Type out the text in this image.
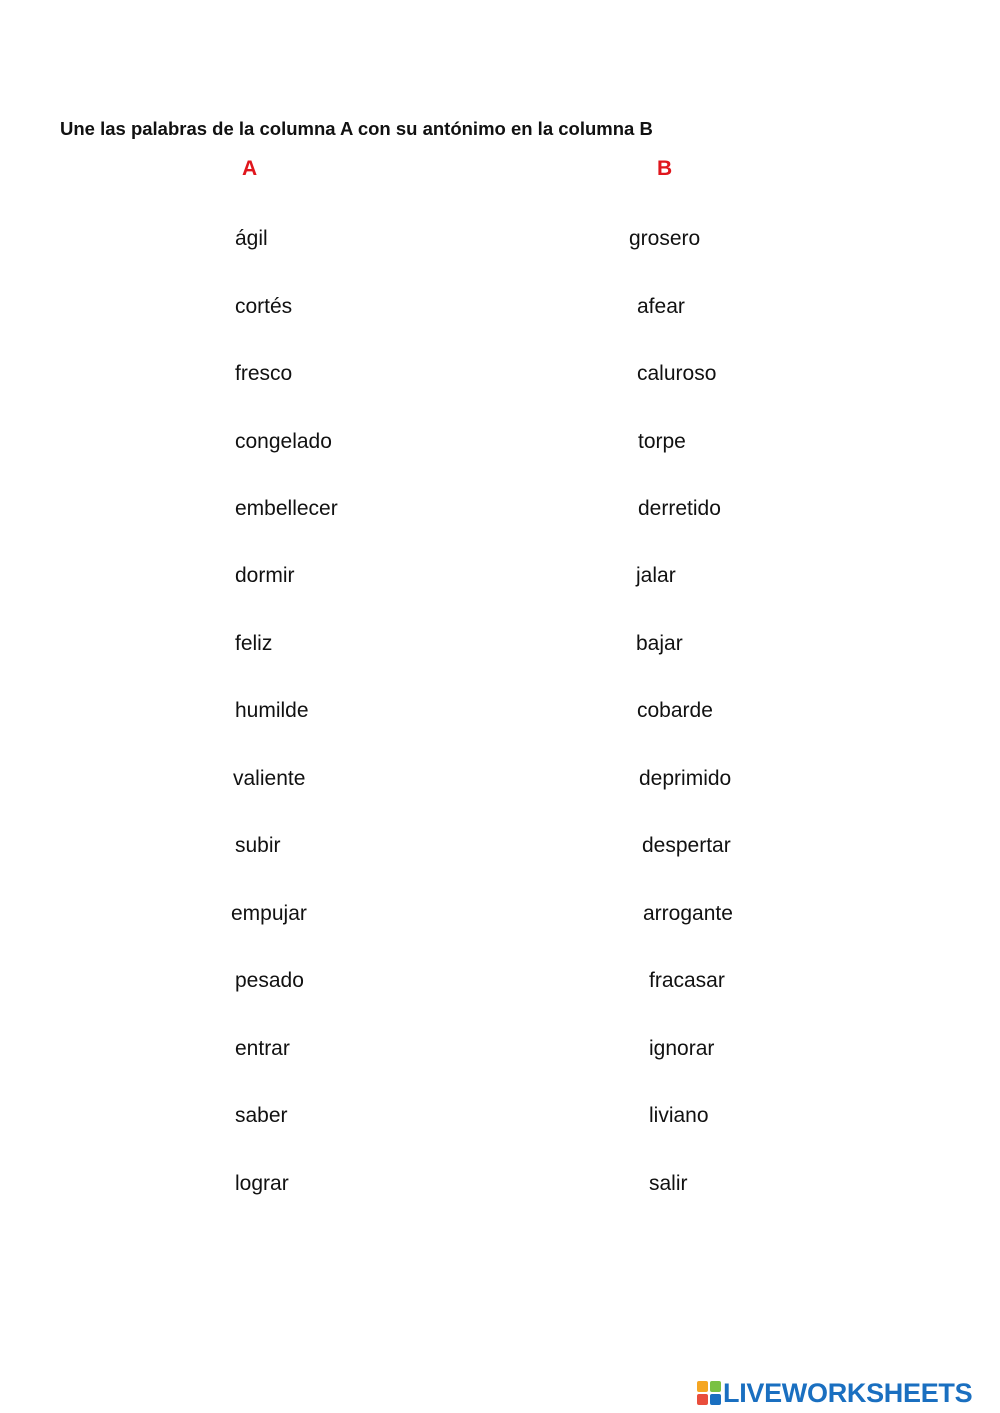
Une las palabras de la columna A con su antónimo en la columna B
A	B
ágil
cortés
fresco
congelado
embellecer
dormir
feliz
humilde
valiente
subir
empujar
pesado
entrar
saber
lograr
grosero
afear
caluroso
torpe
derretido
jalar
bajar
cobarde
deprimido
despertar
arrogante
fracasar
ignorar
liviano
salir
LIVEWORKSHEETS
